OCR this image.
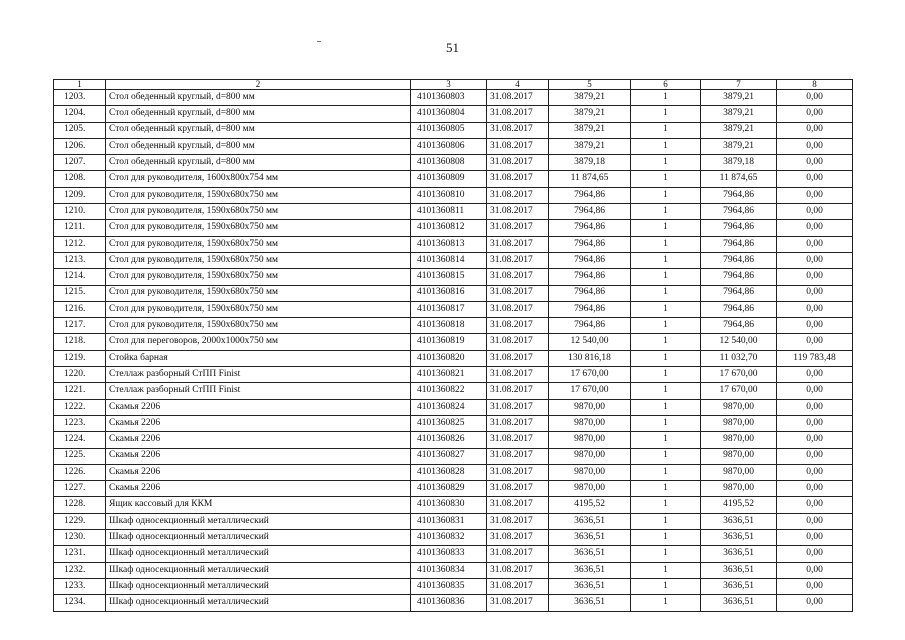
51
1	2	3	4	5	6	7	8
1203.	Стол обеденный круглый, d=800 мм	4101360803	31.08.2017	3879,21	1	3879,21	0,00
1204.	Стол обеденный круглый, d=800 мм	4101360804	31.08.2017	3879,21	1	3879,21	0,00
1205.	Стол обеденный круглый, d=800 мм	4101360805	31.08.2017	3879,21	1	3879,21	0,00
1206.	Стол обеденный круглый, d=800 мм	4101360806	31.08.2017	3879,21	1	3879,21	0,00
1207.	Стол обеденный круглый, d=800 мм	4101360808	31.08.2017	3879,18	1	3879,18	0,00
1208.	Стол для руководителя, 1600х800х754 мм	4101360809	31.08.2017	11 874,65	1	11 874,65	0,00
1209.	Стол для руководителя, 1590х680х750 мм	4101360810	31.08.2017	7964,86	1	7964,86	0,00
1210.	Стол для руководителя, 1590х680х750 мм	4101360811	31.08.2017	7964,86	1	7964,86	0,00
1211.	Стол для руководителя, 1590х680х750 мм	4101360812	31.08.2017	7964,86	1	7964,86	0,00
1212.	Стол для руководителя, 1590х680х750 мм	4101360813	31.08.2017	7964,86	1	7964,86	0,00
1213.	Стол для руководителя, 1590х680х750 мм	4101360814	31.08.2017	7964,86	1	7964,86	0,00
1214.	Стол для руководителя, 1590х680х750 мм	4101360815	31.08.2017	7964,86	1	7964,86	0,00
1215.	Стол для руководителя, 1590х680х750 мм	4101360816	31.08.2017	7964,86	1	7964,86	0,00
1216.	Стол для руководителя, 1590х680х750 мм	4101360817	31.08.2017	7964,86	1	7964,86	0,00
1217.	Стол для руководителя, 1590х680х750 мм	4101360818	31.08.2017	7964,86	1	7964,86	0,00
1218.	Стол для переговоров, 2000х1000х750 мм	4101360819	31.08.2017	12 540,00	1	12 540,00	0,00
1219.	Стойка барная	4101360820	31.08.2017	130 816,18	1	11 032,70	119 783,48
1220.	Стеллаж разборный СтПП Finist	4101360821	31.08.2017	17 670,00	1	17 670,00	0,00
1221.	Стеллаж разборный СтПП Finist	4101360822	31.08.2017	17 670,00	1	17 670,00	0,00
1222.	Скамья 2206	4101360824	31.08.2017	9870,00	1	9870,00	0,00
1223.	Скамья 2206	4101360825	31.08.2017	9870,00	1	9870,00	0,00
1224.	Скамья 2206	4101360826	31.08.2017	9870,00	1	9870,00	0,00
1225.	Скамья 2206	4101360827	31.08.2017	9870,00	1	9870,00	0,00
1226.	Скамья 2206	4101360828	31.08.2017	9870,00	1	9870,00	0,00
1227.	Скамья 2206	4101360829	31.08.2017	9870,00	1	9870,00	0,00
1228.	Ящик кассовый для ККМ	4101360830	31.08.2017	4195,52	1	4195,52	0,00
1229.	Шкаф односекционный металлический	4101360831	31.08.2017	3636,51	1	3636,51	0,00
1230.	Шкаф односекционный металлический	4101360832	31.08.2017	3636,51	1	3636,51	0,00
1231.	Шкаф односекционный металлический	4101360833	31.08.2017	3636,51	1	3636,51	0,00
1232.	Шкаф односекционный металлический	4101360834	31.08.2017	3636,51	1	3636,51	0,00
1233.	Шкаф односекционный металлический	4101360835	31.08.2017	3636,51	1	3636,51	0,00
1234.	Шкаф односекционный металлический	4101360836	31.08.2017	3636,51	1	3636,51	0,00
